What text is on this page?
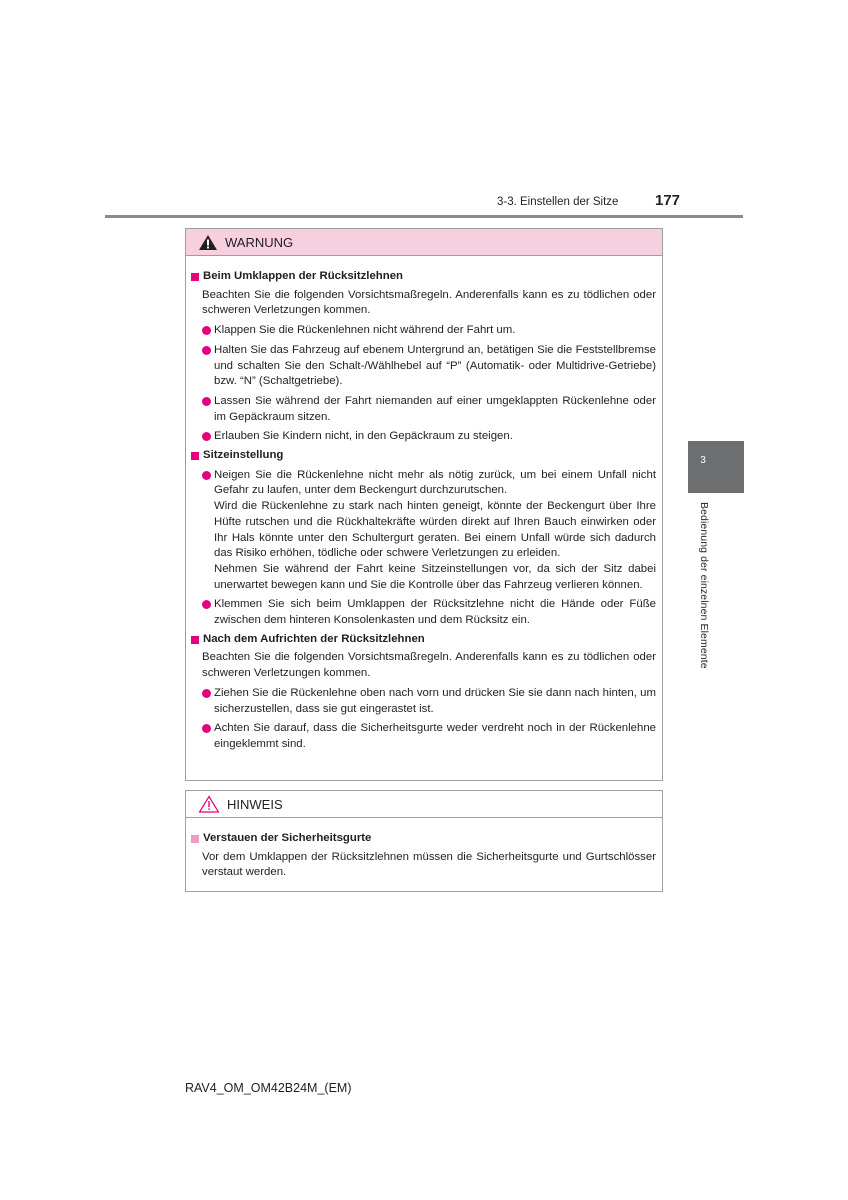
3-3. Einstellen der Sitze 177
3
Bedienung der einzelnen Elemente
WARNUNG
Beim Umklappen der Rücksitzlehnen
Beachten Sie die folgenden Vorsichtsmaßregeln. Anderenfalls kann es zu tödlichen oder schweren Verletzungen kommen.
Klappen Sie die Rückenlehnen nicht während der Fahrt um.
Halten Sie das Fahrzeug auf ebenem Untergrund an, betätigen Sie die Feststellbremse und schalten Sie den Schalt-/Wählhebel auf “P” (Automatik- oder Multidrive-Getriebe) bzw. “N” (Schaltgetriebe).
Lassen Sie während der Fahrt niemanden auf einer umgeklappten Rückenlehne oder im Gepäckraum sitzen.
Erlauben Sie Kindern nicht, in den Gepäckraum zu steigen.
Sitzeinstellung
Neigen Sie die Rückenlehne nicht mehr als nötig zurück, um bei einem Unfall nicht Gefahr zu laufen, unter dem Beckengurt durchzurutschen.
Wird die Rückenlehne zu stark nach hinten geneigt, könnte der Beckengurt über Ihre Hüfte rutschen und die Rückhaltekräfte würden direkt auf Ihren Bauch einwirken oder Ihr Hals könnte unter den Schultergurt geraten. Bei einem Unfall würde sich dadurch das Risiko erhöhen, tödliche oder schwere Verletzungen zu erleiden.
Nehmen Sie während der Fahrt keine Sitzeinstellungen vor, da sich der Sitz dabei unerwartet bewegen kann und Sie die Kontrolle über das Fahrzeug verlieren können.
Klemmen Sie sich beim Umklappen der Rücksitzlehne nicht die Hände oder Füße zwischen dem hinteren Konsolenkasten und dem Rücksitz ein.
Nach dem Aufrichten der Rücksitzlehnen
Beachten Sie die folgenden Vorsichtsmaßregeln. Anderenfalls kann es zu tödlichen oder schweren Verletzungen kommen.
Ziehen Sie die Rückenlehne oben nach vorn und drücken Sie sie dann nach hinten, um sicherzustellen, dass sie gut eingerastet ist.
Achten Sie darauf, dass die Sicherheitsgurte weder verdreht noch in der Rückenlehne eingeklemmt sind.
HINWEIS
Verstauen der Sicherheitsgurte
Vor dem Umklappen der Rücksitzlehnen müssen die Sicherheitsgurte und Gurtschlösser verstaut werden.
RAV4_OM_OM42B24M_(EM)
